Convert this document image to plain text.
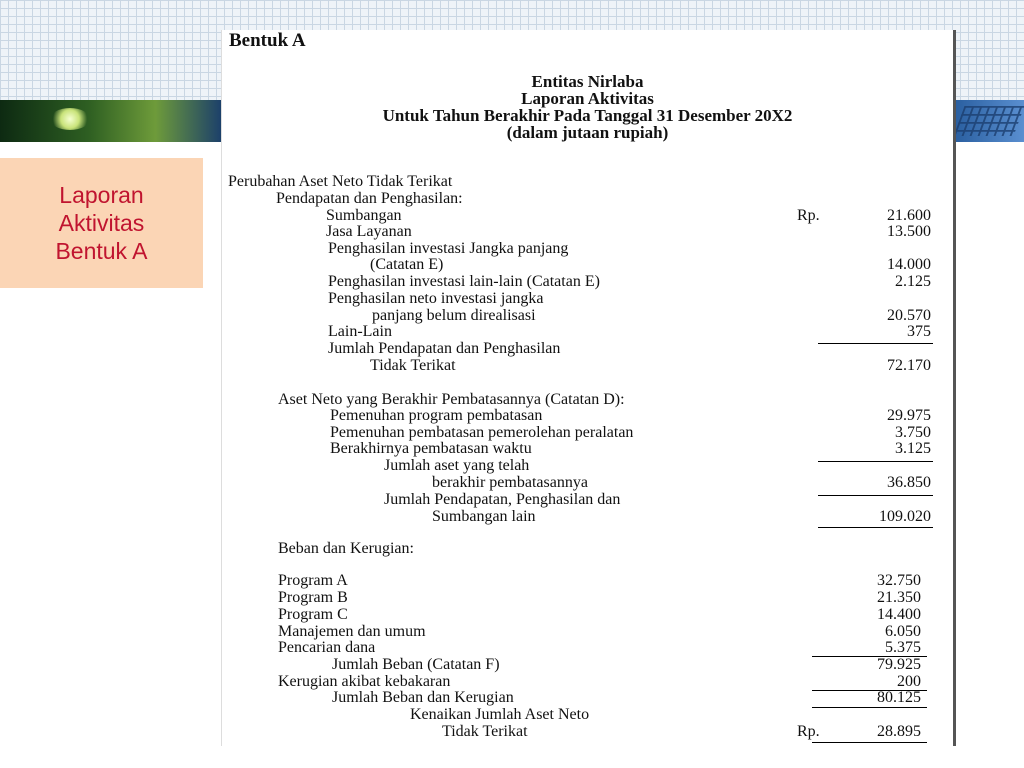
Laporan
Aktivitas
Bentuk A
Bentuk A
Entitas Nirlaba
Laporan Aktivitas
Untuk Tahun Berakhir Pada Tanggal 31 Desember 20X2
(dalam jutaan rupiah)
Perubahan Aset Neto Tidak Terikat
Pendapatan dan Penghasilan:
Sumbangan	Rp.	21.600
Jasa Layanan	13.500
Penghasilan investasi Jangka panjang
(Catatan E)	14.000
Penghasilan investasi lain-lain (Catatan E)	2.125
Penghasilan neto investasi jangka
panjang belum direalisasi	20.570
Lain-Lain	375
Jumlah Pendapatan dan Penghasilan
Tidak Terikat	72.170
Aset Neto yang Berakhir Pembatasannya (Catatan D):
Pemenuhan program pembatasan	29.975
Pemenuhan pembatasan pemerolehan peralatan	3.750
Berakhirnya pembatasan waktu	3.125
Jumlah aset yang telah
berakhir pembatasannya	36.850
Jumlah Pendapatan, Penghasilan dan
Sumbangan lain	109.020
Beban dan Kerugian:
Program A	32.750
Program B	21.350
Program C	14.400
Manajemen dan umum	6.050
Pencarian dana	5.375
Jumlah Beban (Catatan F)	79.925
Kerugian akibat kebakaran	200
Jumlah Beban dan Kerugian	80.125
Kenaikan Jumlah Aset Neto
Tidak Terikat	Rp.	28.895
